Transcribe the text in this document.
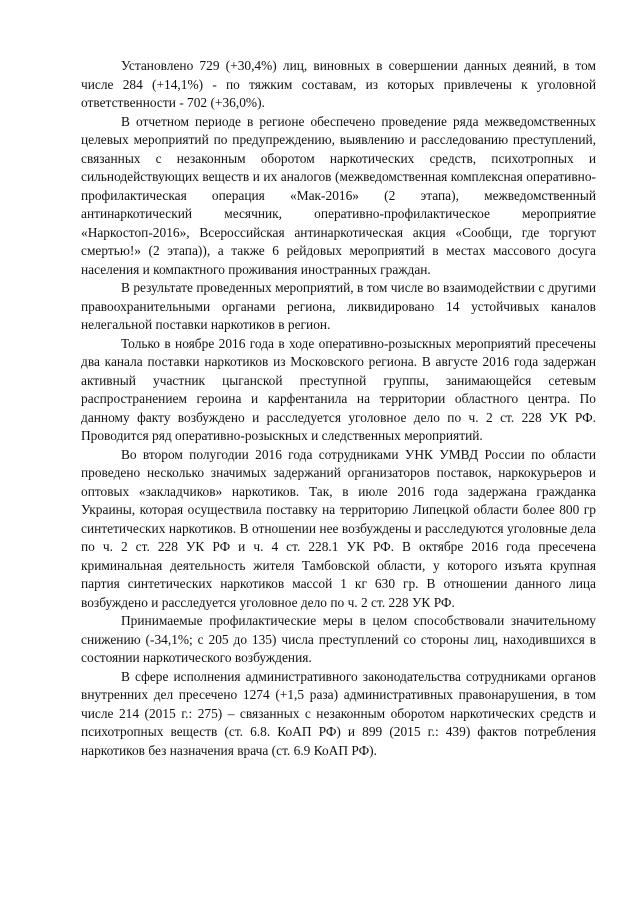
Установлено 729 (+30,4%) лиц, виновных в совершении данных деяний, в том числе 284 (+14,1%) - по тяжким составам, из которых привлечены к уголовной ответственности - 702 (+36,0%).

В отчетном периоде в регионе обеспечено проведение ряда межведомственных целевых мероприятий по предупреждению, выявлению и расследованию преступлений, связанных с незаконным оборотом наркотических средств, психотропных и сильнодействующих веществ и их аналогов (межведомственная комплексная оперативно-профилактическая операция «Мак-2016» (2 этапа), межведомственный антинаркотический месячник, оперативно-профилактическое мероприятие «Наркостоп-2016», Всероссийская антинаркотическая акция «Сообщи, где торгуют смертью!» (2 этапа)), а также 6 рейдовых мероприятий в местах массового досуга населения и компактного проживания иностранных граждан.

В результате проведенных мероприятий, в том числе во взаимодействии с другими правоохранительными органами региона, ликвидировано 14 устойчивых каналов нелегальной поставки наркотиков в регион.

Только в ноябре 2016 года в ходе оперативно-розыскных мероприятий пресечены два канала поставки наркотиков из Московского региона. В августе 2016 года задержан активный участник цыганской преступной группы, занимающейся сетевым распространением героина и карфентанила на территории областного центра. По данному факту возбуждено и расследуется уголовное дело по ч. 2 ст. 228 УК РФ. Проводится ряд оперативно-розыскных и следственных мероприятий.

Во втором полугодии 2016 года сотрудниками УНК УМВД России по области проведено несколько значимых задержаний организаторов поставок, наркокурьеров и оптовых «закладчиков» наркотиков. Так, в июле 2016 года задержана гражданка Украины, которая осуществила поставку на территорию Липецкой области более 800 гр синтетических наркотиков. В отношении нее возбуждены и расследуются уголовные дела по ч. 2 ст. 228 УК РФ и ч. 4 ст. 228.1 УК РФ. В октябре 2016 года пресечена криминальная деятельность жителя Тамбовской области, у которого изъята крупная партия синтетических наркотиков массой 1 кг 630 гр. В отношении данного лица возбуждено и расследуется уголовное дело по ч. 2 ст. 228 УК РФ.

Принимаемые профилактические меры в целом способствовали значительному снижению (-34,1%; с 205 до 135) числа преступлений со стороны лиц, находившихся в состоянии наркотического возбуждения.

В сфере исполнения административного законодательства сотрудниками органов внутренних дел пресечено 1274 (+1,5 раза) административных правонарушения, в том числе 214 (2015 г.: 275) – связанных с незаконным оборотом наркотических средств и психотропных веществ (ст. 6.8. КоАП РФ) и 899 (2015 г.: 439) фактов потребления наркотиков без назначения врача (ст. 6.9 КоАП РФ).
